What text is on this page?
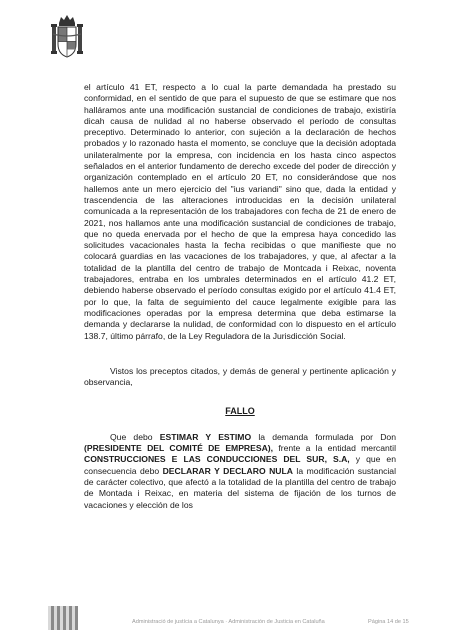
el artículo 41 ET, respecto a lo cual la parte demandada ha prestado su conformidad, en el sentido de que para el supuesto de que se estimare que nos halláramos ante una modificación sustancial de condiciones de trabajo, existiría dicah causa de nulidad al no haberse observado el período de consultas preceptivo. Determinado lo anterior, con sujeción a la declaración de hechos probados y lo razonado hasta el momento, se concluye que la decisión adoptada unilateralmente por la empresa, con incidencia en los hasta cinco aspectos señalados en el anterior fundamento de derecho excede del poder de dirección y organización contemplado en el artículo 20 ET, no considerándose que nos hallemos ante un mero ejercicio del "ius variandi" sino que, dada la entidad y trascendencia de las alteraciones introducidas en la decisión unilateral comunicada a la representación de los trabajadores con fecha de 21 de enero de 2021, nos hallamos ante una modificación sustancial de condiciones de trabajo, que no queda enervada por el hecho de que la empresa haya concedido las solicitudes vacacionales hasta la fecha recibidas o que manifieste que no colocará guardias en las vacaciones de los trabajadores, y que, al afectar a la totalidad de la plantilla del centro de trabajo de Montcada i Reixac, noventa trabajadores, entraba en los umbrales determinados en el artículo 41.2 ET, debiendo haberse observado el período consultas exigido por el artículo 41.4 ET, por lo que, la falta de seguimiento del cauce legalmente exigible para las modificaciones operadas por la empresa determina que deba estimarse la demanda y declararse la nulidad, de conformidad con lo dispuesto en el artículo 138.7, último párrafo, de la Ley Reguladora de la Jurisdicción Social.

Vistos los preceptos citados, y demás de general y pertinente aplicación y observancia,

FALLO

Que debo ESTIMAR Y ESTIMO la demanda formulada por Don (PRESIDENTE DEL COMITÉ DE EMPRESA), frente a la entidad mercantil CONSTRUCCIONES E LAS CONDUCCIONES DEL SUR, S.A, y que en consecuencia debo DECLARAR Y DECLARO NULA la modificación sustancial de carácter colectivo, que afectó a la totalidad de la plantilla del centro de trabajo de Montada i Reixac, en materia del sistema de fijación de los turnos de vacaciones y elección de los

Administració de justícia a Catalunya · Administración de Justicia en Cataluña	Página 14 de 15
